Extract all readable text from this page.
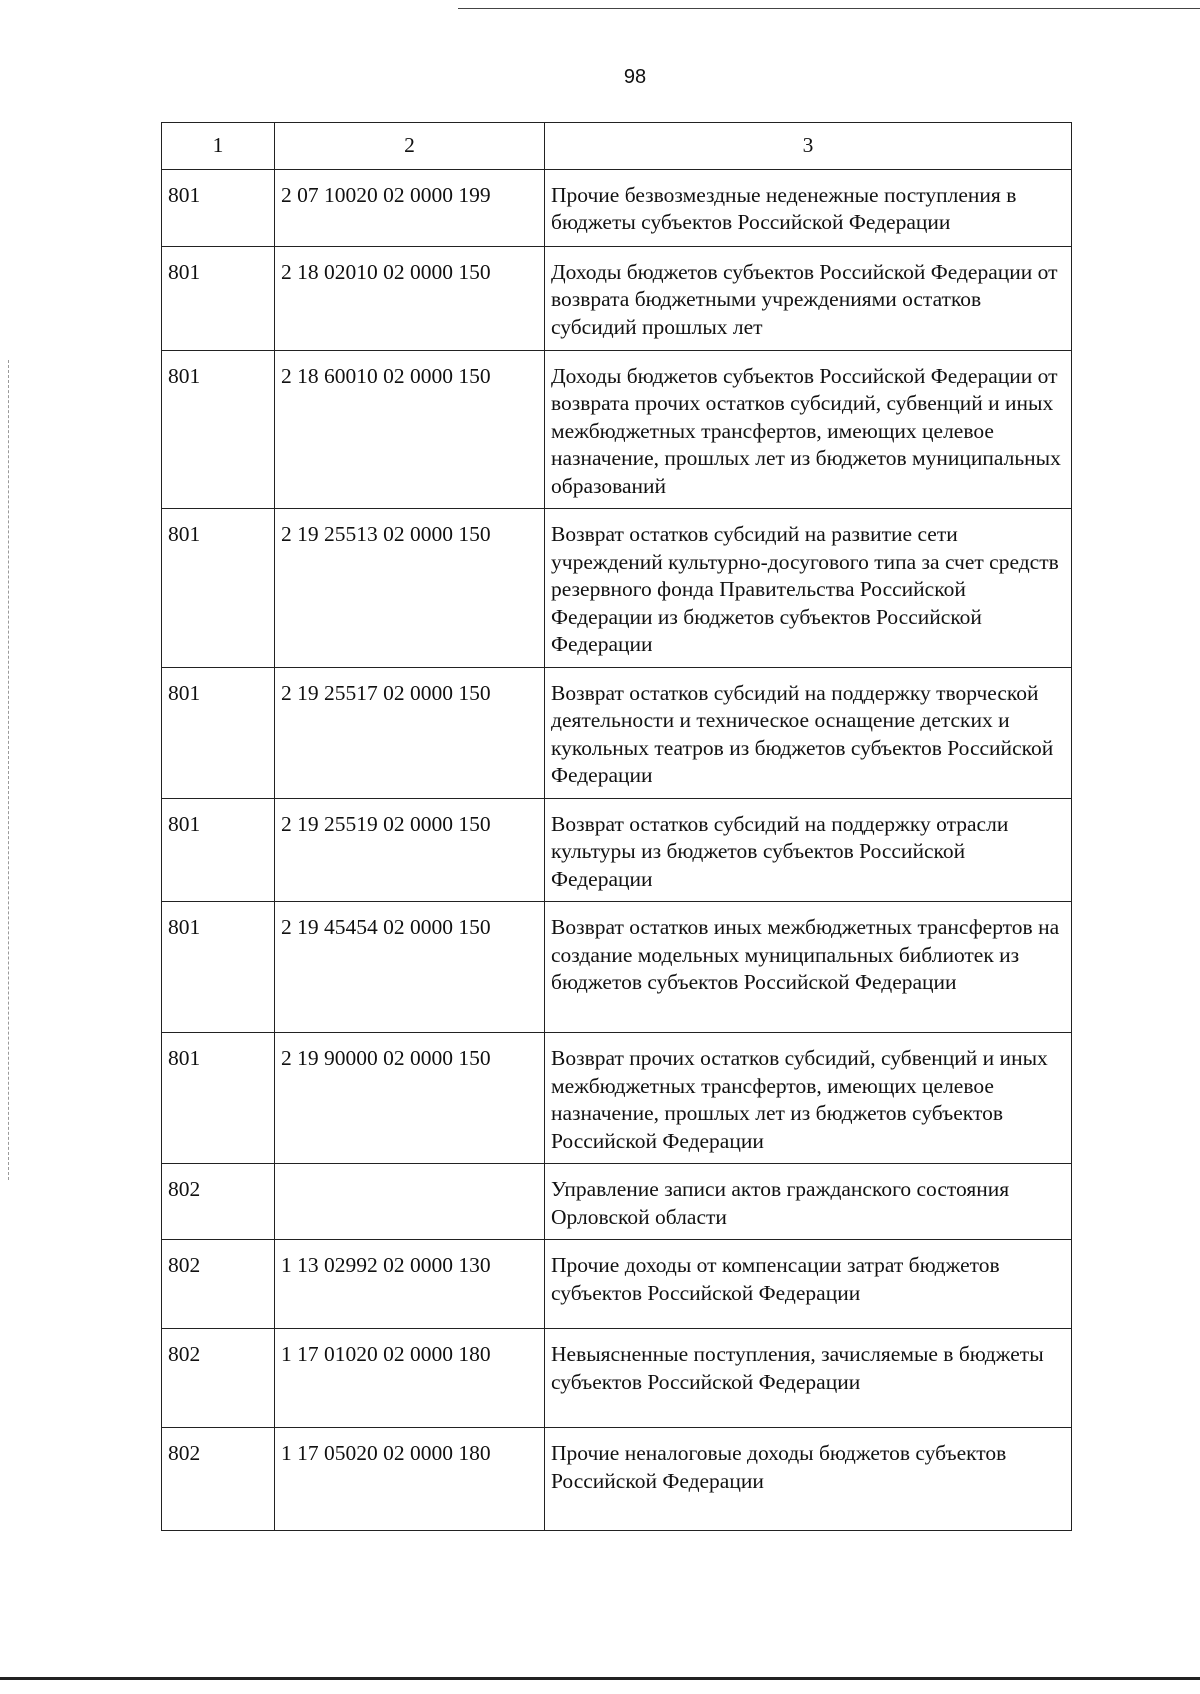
98
1	2	3
801	2 07 10020 02 0000 199	Прочие безвозмездные неденежные поступления в бюджеты субъектов Российской Федерации
801	2 18 02010 02 0000 150	Доходы бюджетов субъектов Российской Федерации от возврата бюджетными учреждениями остатков субсидий прошлых лет
801	2 18 60010 02 0000 150	Доходы бюджетов субъектов Российской Федерации от возврата прочих остатков субсидий, субвенций и иных межбюджетных трансфертов, имеющих целевое назначение, прошлых лет из бюджетов муниципальных образований
801	2 19 25513 02 0000 150	Возврат остатков субсидий на развитие сети учреждений культурно-досугового типа за счет средств резервного фонда Правительства Российской Федерации из бюджетов субъектов Российской Федерации
801	2 19 25517 02 0000 150	Возврат остатков субсидий на поддержку творческой деятельности и техническое оснащение детских и кукольных театров из бюджетов субъектов Российской Федерации
801	2 19 25519 02 0000 150	Возврат остатков субсидий на поддержку отрасли культуры из бюджетов субъектов Российской Федерации
801	2 19 45454 02 0000 150	Возврат остатков иных межбюджетных трансфертов на создание модельных муниципальных библиотек из бюджетов субъектов Российской Федерации
801	2 19 90000 02 0000 150	Возврат прочих остатков субсидий, субвенций и иных межбюджетных трансфертов, имеющих целевое назначение, прошлых лет из бюджетов субъектов Российской Федерации
802		Управление записи актов гражданского состояния Орловской области
802	1 13 02992 02 0000 130	Прочие доходы от компенсации затрат бюджетов субъектов Российской Федерации
802	1 17 01020 02 0000 180	Невыясненные поступления, зачисляемые в бюджеты субъектов Российской Федерации
802	1 17 05020 02 0000 180	Прочие неналоговые доходы бюджетов субъектов Российской Федерации
